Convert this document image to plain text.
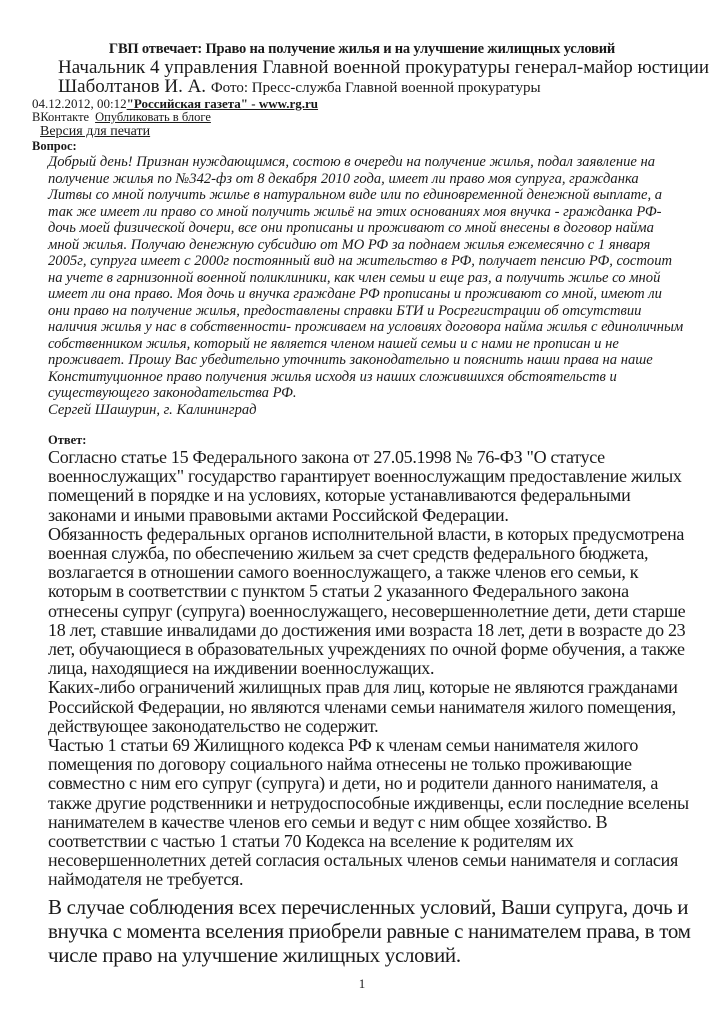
ГВП отвечает: Право на получение жилья и на улучшение жилищных условий
Начальник 4 управления Главной военной прокуратуры генерал-майор юстиции
Шаболтанов И. А. Фото: Пресс-служба Главной военной прокуратуры
04.12.2012, 00:12"Российская газета" - www.rg.ru
ВКонтакте Опубликовать в блоге
Версия для печати
Вопрос:
Добрый день! Признан нуждающимся, состою в очереди на получение жилья, подал заявление на
получение жилья по №342-фз от 8 декабря 2010 года, имеет ли право моя супруга, гражданка
Литвы со мной получить жилье в натуральном виде или по единовременной денежной выплате, а
так же имеет ли право со мной получить жильё на этих основаниях моя внучка - гражданка РФ-
дочь моей физической дочери, все они прописаны и проживают со мной внесены в договор найма
мной жилья. Получаю денежную субсидию от МО РФ за поднаем жилья ежемесячно с 1 января
2005г, супруга имеет с 2000г постоянный вид на жительство в РФ, получает пенсию РФ, состоит
на учете в гарнизонной военной поликлиники, как член семьи и еще раз, а получить жилье со мной
имеет ли она право. Моя дочь и внучка граждане РФ прописаны и проживают со мной, имеют ли
они право на получение жилья, предоставлены справки БТИ и Росрегистрации об отсутствии
наличия жилья у нас в собственности- проживаем на условиях договора найма жилья с единоличным
собственником жилья, который не является членом нашей семьи и с нами не прописан и не
проживает. Прошу Вас убедительно уточнить законодательно и пояснить наши права на наше
Конституционное право получения жилья исходя из наших сложившихся обстоятельств и
существующего законодательства РФ.
Сергей Шашурин, г. Калининград
Ответ:
Согласно статье 15 Федерального закона от 27.05.1998 № 76-ФЗ "О статусе
военнослужащих" государство гарантирует военнослужащим предоставление жилых
помещений в порядке и на условиях, которые устанавливаются федеральными
законами и иными правовыми актами Российской Федерации.
Обязанность федеральных органов исполнительной власти, в которых предусмотрена
военная служба, по обеспечению жильем за счет средств федерального бюджета,
возлагается в отношении самого военнослужащего, а также членов его семьи, к
которым в соответствии с пунктом 5 статьи 2 указанного Федерального закона
отнесены супруг (супруга) военнослужащего, несовершеннолетние дети, дети старше
18 лет, ставшие инвалидами до достижения ими возраста 18 лет, дети в возрасте до 23
лет, обучающиеся в образовательных учреждениях по очной форме обучения, а также
лица, находящиеся на иждивении военнослужащих.
Каких-либо ограничений жилищных прав для лиц, которые не являются гражданами
Российской Федерации, но являются членами семьи нанимателя жилого помещения,
действующее законодательство не содержит.
Частью 1 статьи 69 Жилищного кодекса РФ к членам семьи нанимателя жилого
помещения по договору социального найма отнесены не только проживающие
совместно с ним его супруг (супруга) и дети, но и родители данного нанимателя, а
также другие родственники и нетрудоспособные иждивенцы, если последние вселены
нанимателем в качестве членов его семьи и ведут с ним общее хозяйство. В
соответствии с частью 1 статьи 70 Кодекса на вселение к родителям их
несовершеннолетних детей согласия остальных членов семьи нанимателя и согласия
наймодателя не требуется.
В случае соблюдения всех перечисленных условий, Ваши супруга, дочь и
внучка с момента вселения приобрели равные с нанимателем права, в том
числе право на улучшение жилищных условий.
1
